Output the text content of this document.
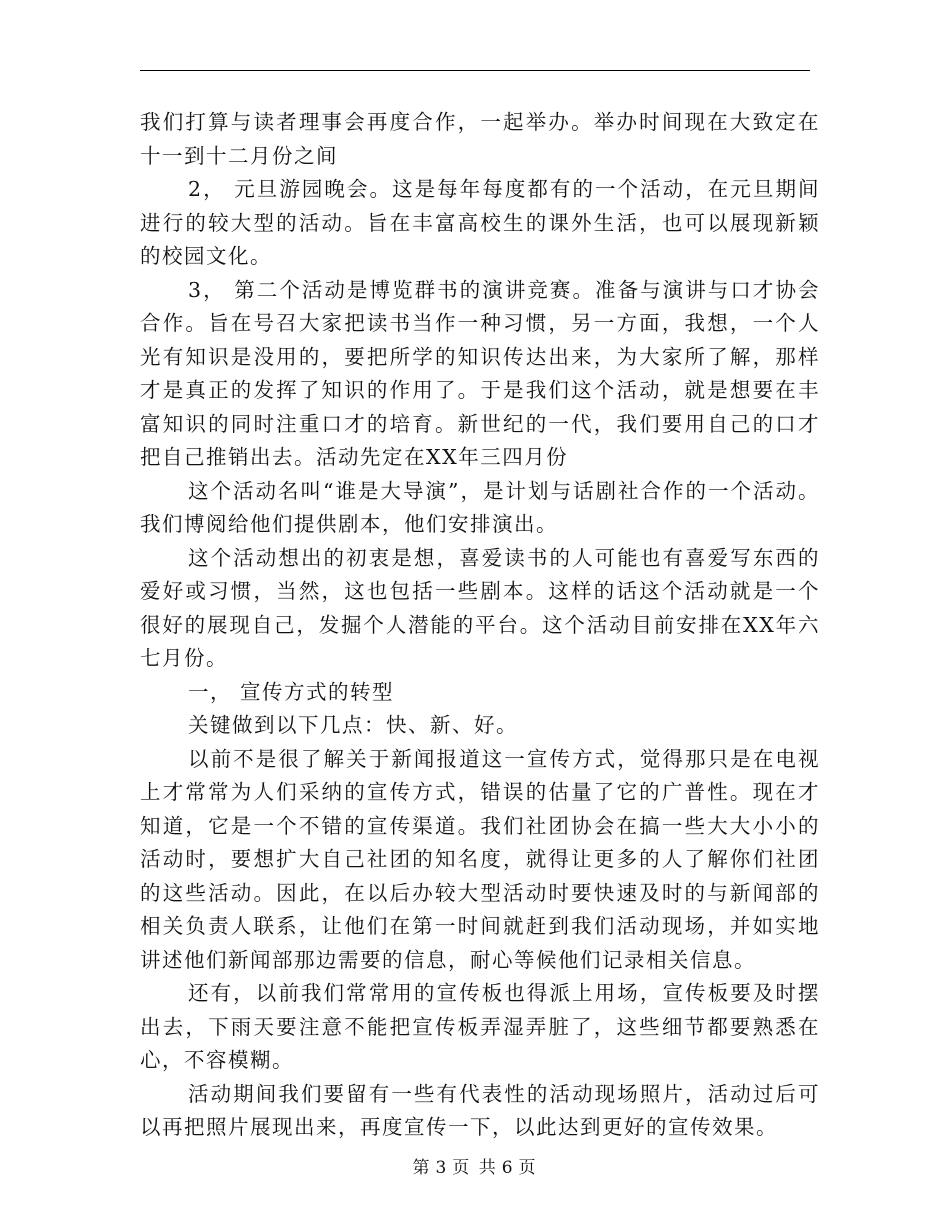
我们打算与读者理事会再度合作，一起举办。举办时间现在大致定在十一到十二月份之间

2， 元旦游园晚会。这是每年每度都有的一个活动，在元旦期间进行的较大型的活动。旨在丰富高校生的课外生活，也可以展现新颖的校园文化。

3， 第二个活动是博览群书的演讲竞赛。准备与演讲与口才协会合作。旨在号召大家把读书当作一种习惯，另一方面，我想，一个人光有知识是没用的，要把所学的知识传达出来，为大家所了解，那样才是真正的发挥了知识的作用了。于是我们这个活动，就是想要在丰富知识的同时注重口才的培育。新世纪的一代，我们要用自己的口才把自己推销出去。活动先定在XX年三四月份

这个活动名叫“谁是大导演”，是计划与话剧社合作的一个活动。我们博阅给他们提供剧本，他们安排演出。

这个活动想出的初衷是想，喜爱读书的人可能也有喜爱写东西的爱好或习惯，当然，这也包括一些剧本。这样的话这个活动就是一个很好的展现自己，发掘个人潜能的平台。这个活动目前安排在XX年六七月份。

一， 宣传方式的转型

关键做到以下几点：快、新、好。

以前不是很了解关于新闻报道这一宣传方式，觉得那只是在电视上才常常为人们采纳的宣传方式，错误的估量了它的广普性。现在才知道，它是一个不错的宣传渠道。我们社团协会在搞一些大大小小的活动时，要想扩大自己社团的知名度，就得让更多的人了解你们社团的这些活动。因此，在以后办较大型活动时要快速及时的与新闻部的相关负责人联系，让他们在第一时间就赶到我们活动现场，并如实地讲述他们新闻部那边需要的信息，耐心等候他们记录相关信息。

还有，以前我们常常用的宣传板也得派上用场，宣传板要及时摆出去，下雨天要注意不能把宣传板弄湿弄脏了，这些细节都要熟悉在心，不容模糊。

活动期间我们要留有一些有代表性的活动现场照片，活动过后可以再把照片展现出来，再度宣传一下，以此达到更好的宣传效果。

第 3 页 共 6 页
